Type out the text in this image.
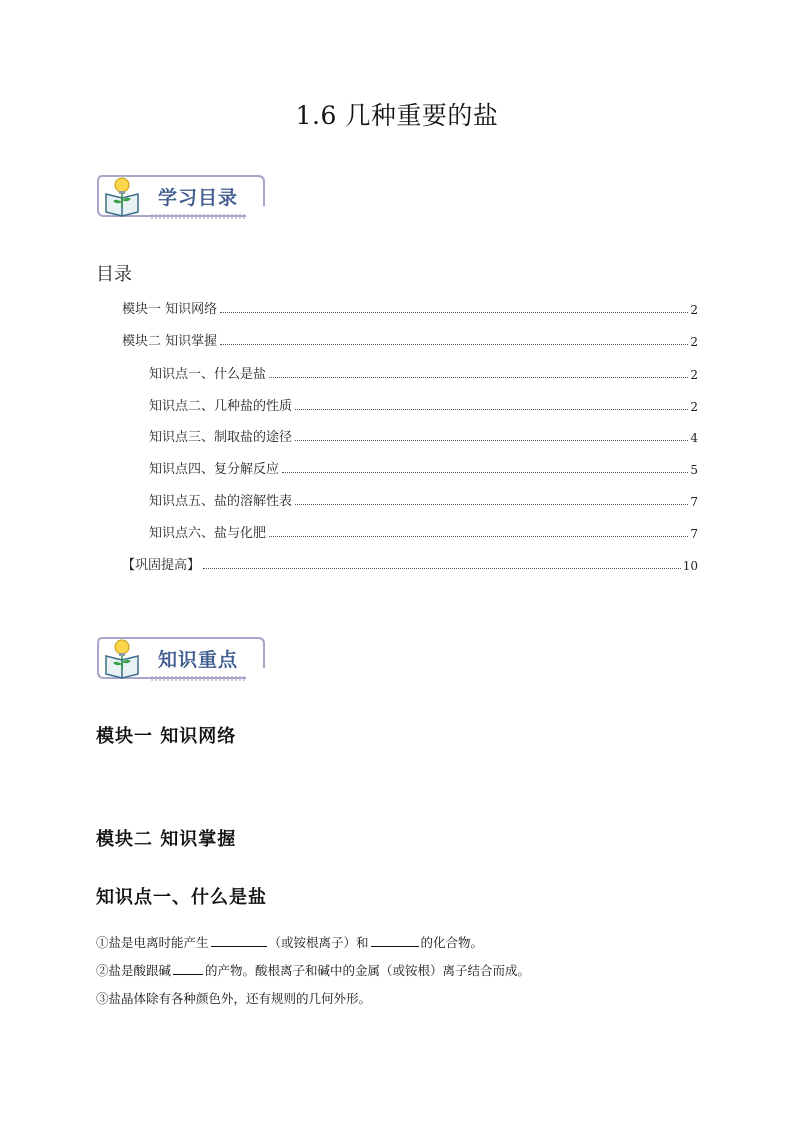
1.6 几种重要的盐
学习目录
目录
模块一 知识网络	2
模块二 知识掌握	2
知识点一、什么是盐	2
知识点二、几种盐的性质	2
知识点三、制取盐的途径	4
知识点四、复分解反应	5
知识点五、盐的溶解性表	7
知识点六、盐与化肥	7
【巩固提高】	10
知识重点
模块一 知识网络
模块二 知识掌握
知识点一、什么是盐
①盐是电离时能产生	（或铵根离子）和	的化合物。
②盐是酸跟碱	的产物。酸根离子和碱中的金属（或铵根）离子结合而成。
③盐晶体除有各种颜色外，还有规则的几何外形。
